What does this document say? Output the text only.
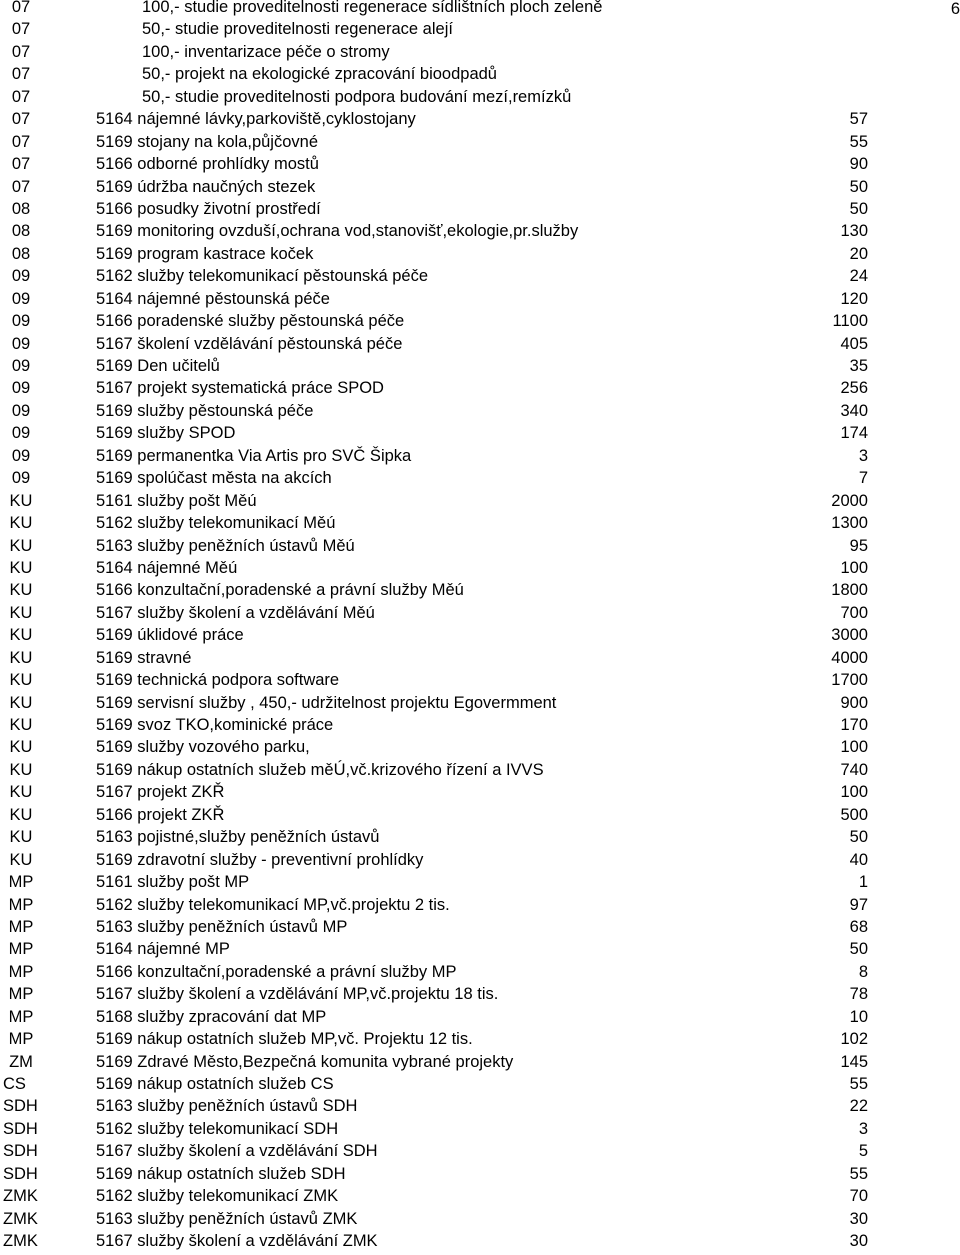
07	100,- studie proveditelnosti regenerace sídlištních ploch zeleně
07	50,- studie proveditelnosti regenerace alejí
07	100,- inventarizace péče o stromy
07	50,- projekt na ekologické zpracování bioodpadů
07	50,- studie proveditelnosti podpora budování mezí,remízků
07	5164 nájemné lávky,parkoviště,cyklostojany	57
07	5169 stojany na kola,půjčovné	55
07	5166 odborné prohlídky mostů	90
07	5169 údržba naučných stezek	50
08	5166 posudky životní prostředí	50
08	5169 monitoring ovzduší,ochrana vod,stanovišť,ekologie,pr.služby	130
08	5169 program kastrace koček	20
09	5162 služby telekomunikací pěstounská péče	24
09	5164 nájemné pěstounská péče	120
09	5166 poradenské služby pěstounská péče	1100
09	5167 školení vzdělávání pěstounská péče	405
09	5169 Den učitelů	35
09	5167 projekt systematická práce SPOD	256
09	5169 služby pěstounská péče	340
09	5169 služby SPOD	174
09	5169 permanentka Via Artis pro SVČ Šipka	3
09	5169 spolúčast města na akcích	7
KU	5161 služby pošt Měú	2000
KU	5162 služby telekomunikací Měú	1300
KU	5163 služby peněžních ústavů Měú	95
KU	5164 nájemné Měú	100
KU	5166 konzultační,poradenské a právní služby Měú	1800
KU	5167 služby školení a vzdělávání Měú	700
KU	5169 úklidové práce	3000
KU	5169 stravné	4000
KU	5169 technická podpora software	1700
KU	5169 servisní služby , 450,- udržitelnost projektu Egovermment	900
KU	5169 svoz TKO,kominické práce	170
KU	5169 služby vozového parku,	100
KU	5169 nákup ostatních služeb měÚ,vč.krizového řízení a IVVS	740
KU	5167 projekt ZKŘ	100
KU	5166 projekt ZKŘ	500
KU	5163 pojistné,služby peněžních ústavů	50
KU	5169 zdravotní služby - preventivní prohlídky	40
MP	5161 služby pošt MP	1
MP	5162 služby telekomunikací MP,vč.projektu 2 tis.	97
MP	5163 služby peněžních ústavů MP	68
MP	5164 nájemné MP	50
MP	5166 konzultační,poradenské a právní služby MP	8
MP	5167 služby školení a vzdělávání MP,vč.projektu 18 tis.	78
MP	5168 služby zpracování dat MP	10
MP	5169 nákup ostatních služeb MP,vč. Projektu 12 tis.	102
ZM	5169 Zdravé Město,Bezpečná komunita vybrané projekty	145
CS	5169 nákup ostatních služeb CS	55
SDH	5163 služby peněžních ústavů SDH	22
SDH	5162 služby telekomunikací SDH	3
SDH	5167 služby školení a vzdělávání SDH	5
SDH	5169 nákup ostatních služeb SDH	55
ZMK	5162 služby telekomunikací ZMK	70
ZMK	5163 služby peněžních ústavů ZMK	30
ZMK	5167 služby školení a vzdělávání ZMK	30
6
